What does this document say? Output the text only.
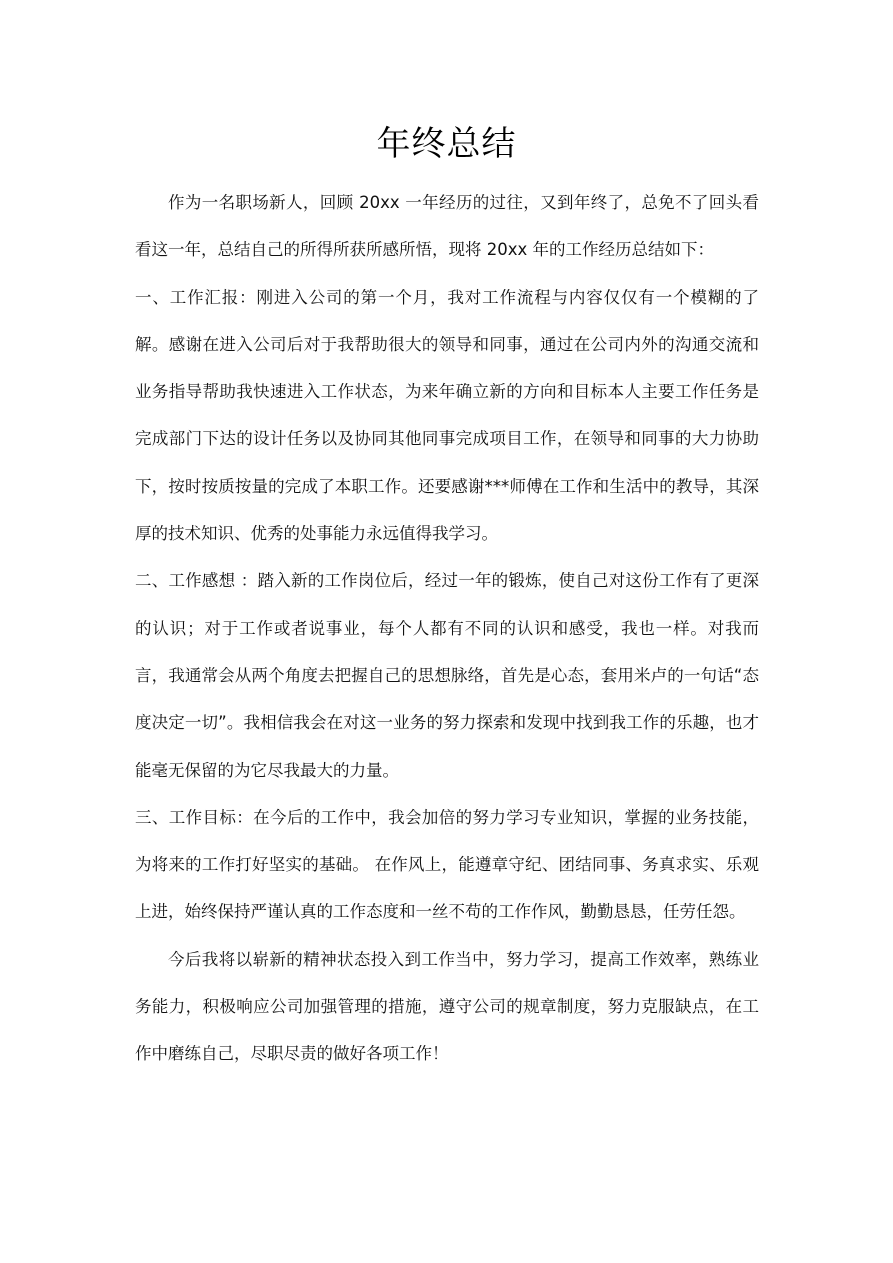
年终总结

作为一名职场新人，回顾 20xx 一年经历的过往，又到年终了，总免不了回头看看这一年，总结自己的所得所获所感所悟，现将 20xx 年的工作经历总结如下：

一、工作汇报：刚进入公司的第一个月，我对工作流程与内容仅仅有一个模糊的了解。感谢在进入公司后对于我帮助很大的领导和同事，通过在公司内外的沟通交流和业务指导帮助我快速进入工作状态，为来年确立新的方向和目标本人主要工作任务是完成部门下达的设计任务以及协同其他同事完成项目工作，在领导和同事的大力协助下，按时按质按量的完成了本职工作。还要感谢***师傅在工作和生活中的教导，其深厚的技术知识、优秀的处事能力永远值得我学习。

二、工作感想 ：踏入新的工作岗位后，经过一年的锻炼，使自己对这份工作有了更深的认识；对于工作或者说事业，每个人都有不同的认识和感受，我也一样。对我而言，我通常会从两个角度去把握自己的思想脉络，首先是心态，套用米卢的一句话“态度决定一切”。我相信我会在对这一业务的努力探索和发现中找到我工作的乐趣，也才能毫无保留的为它尽我最大的力量。

三、工作目标：在今后的工作中，我会加倍的努力学习专业知识，掌握的业务技能，为将来的工作打好坚实的基础。 在作风上，能遵章守纪、团结同事、务真求实、乐观上进，始终保持严谨认真的工作态度和一丝不苟的工作作风，勤勤恳恳，任劳任怨。

今后我将以崭新的精神状态投入到工作当中，努力学习，提高工作效率，熟练业务能力，积极响应公司加强管理的措施，遵守公司的规章制度，努力克服缺点，在工作中磨练自己，尽职尽责的做好各项工作！
